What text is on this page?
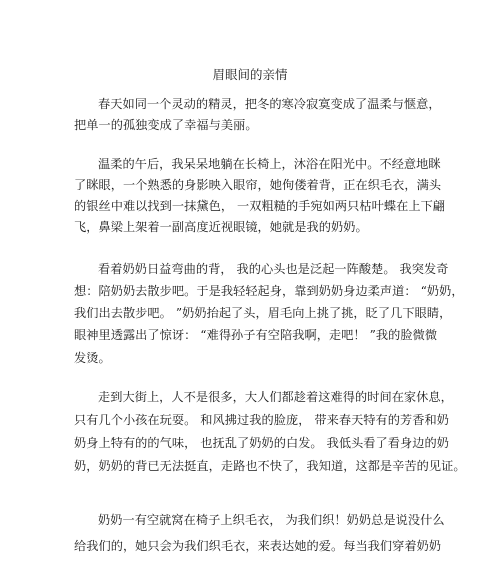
眉眼间的亲情
春天如同一个灵动的精灵，把冬的寒冷寂寞变成了温柔与惬意，
把单一的孤独变成了幸福与美丽。
温柔的午后，我呆呆地躺在长椅上，沐浴在阳光中。不经意地眯
了眯眼，一个熟悉的身影映入眼帘，她佝偻着背，正在织毛衣，满头
的银丝中难以找到一抹黛色， 一双粗糙的手宛如两只枯叶蝶在上下翩
飞，鼻梁上架着一副高度近视眼镜，她就是我的奶奶。
看着奶奶日益弯曲的背， 我的心头也是泛起一阵酸楚。 我突发奇
想：陪奶奶去散步吧。于是我轻轻起身，靠到奶奶身边柔声道： “奶奶，
我们出去散步吧。 ”奶奶抬起了头，眉毛向上挑了挑，眨了几下眼睛，
眼神里透露出了惊讶： “难得孙子有空陪我啊，走吧！ ”我的脸微微
发烫。
走到大街上，人不是很多，大人们都趁着这难得的时间在家休息，
只有几个小孩在玩耍。 和风拂过我的脸庞， 带来春天特有的芳香和奶
奶身上特有的的气味， 也抚乱了奶奶的白发。 我低头看了看身边的奶
奶，奶奶的背已无法挺直，走路也不快了，我知道，这都是辛苦的见证。
奶奶一有空就窝在椅子上织毛衣， 为我们织！奶奶总是说没什么
给我们的，她只会为我们织毛衣，来表达她的爱。每当我们穿着奶奶
